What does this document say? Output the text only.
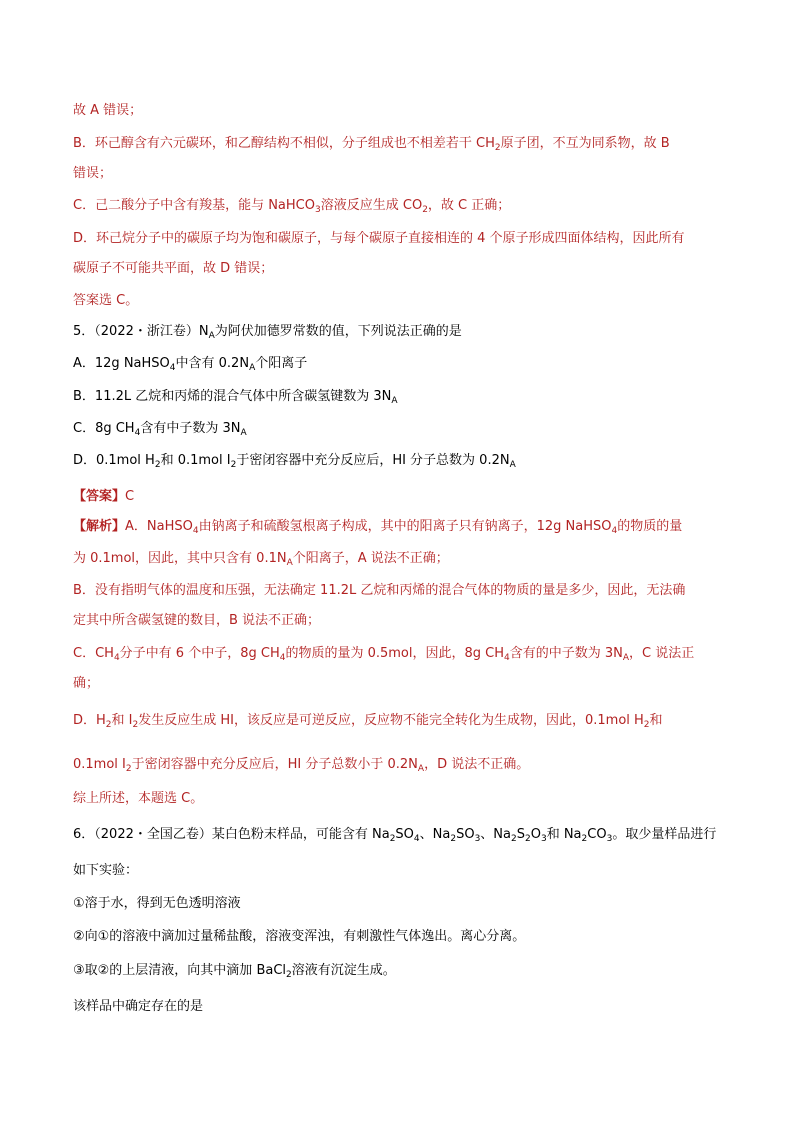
故 A 错误；
B．环己醇含有六元碳环，和乙醇结构不相似，分子组成也不相差若干 $CH_2$原子团，不互为同系物，故 B
错误；
C．己二酸分子中含有羧基，能与 NaHCO$_3$溶液反应生成 $CO_2$，故 C 正确；
D．环己烷分子中的碳原子均为饱和碳原子，与每个碳原子直接相连的 4 个原子形成四面体结构，因此所有
碳原子不可能共平面，故 D 错误；
答案选 C。
5．（2022・浙江卷）$N_A$为阿伏加德罗常数的值，下列说法正确的是
A．12g NaHSO$_4$中含有 $0.2N_A$个阳离子
B．11.2L 乙烷和丙烯的混合气体中所含碳氢键数为 $3N_A$
C．8g $CH_4$含有中子数为 $3N_A$
D．0.1mol $H_2$和 0.1mol $I_2$于密闭容器中充分反应后，HI 分子总数为 $0.2N_A$
【答案】C
【解析】A．NaHSO$_4$由钠离子和硫酸氢根离子构成，其中的阳离子只有钠离子，12g NaHSO$_4$的物质的量
为 0.1mol，因此，其中只含有 $0.1N_A$个阳离子，A 说法不正确；
B．没有指明气体的温度和压强，无法确定 11.2L 乙烷和丙烯的混合气体的物质的量是多少，因此，无法确
定其中所含碳氢键的数目，B 说法不正确；
C．$CH_4$分子中有 6 个中子，8g $CH_4$的物质的量为 0.5mol，因此，8g $CH_4$含有的中子数为 $3N_A$，C 说法正
确；
D．$H_2$和 $I_2$发生反应生成 HI，该反应是可逆反应，反应物不能完全转化为生成物，因此，0.1mol $H_2$和
0.1mol $I_2$于密闭容器中充分反应后，HI 分子总数小于 $0.2N_A$，D 说法不正确。
综上所述，本题选 C。
6．（2022・全国乙卷）某白色粉末样品，可能含有 $Na_2SO_4$、$Na_2SO_3$、$Na_2S_2O_3$和 $Na_2CO_3$。取少量样品进行
如下实验：
①溶于水，得到无色透明溶液
②向①的溶液中滴加过量稀盐酸，溶液变浑浊，有刺激性气体逸出。离心分离。
③取②的上层清液，向其中滴加 BaCl$_2$溶液有沉淀生成。
该样品中确定存在的是
